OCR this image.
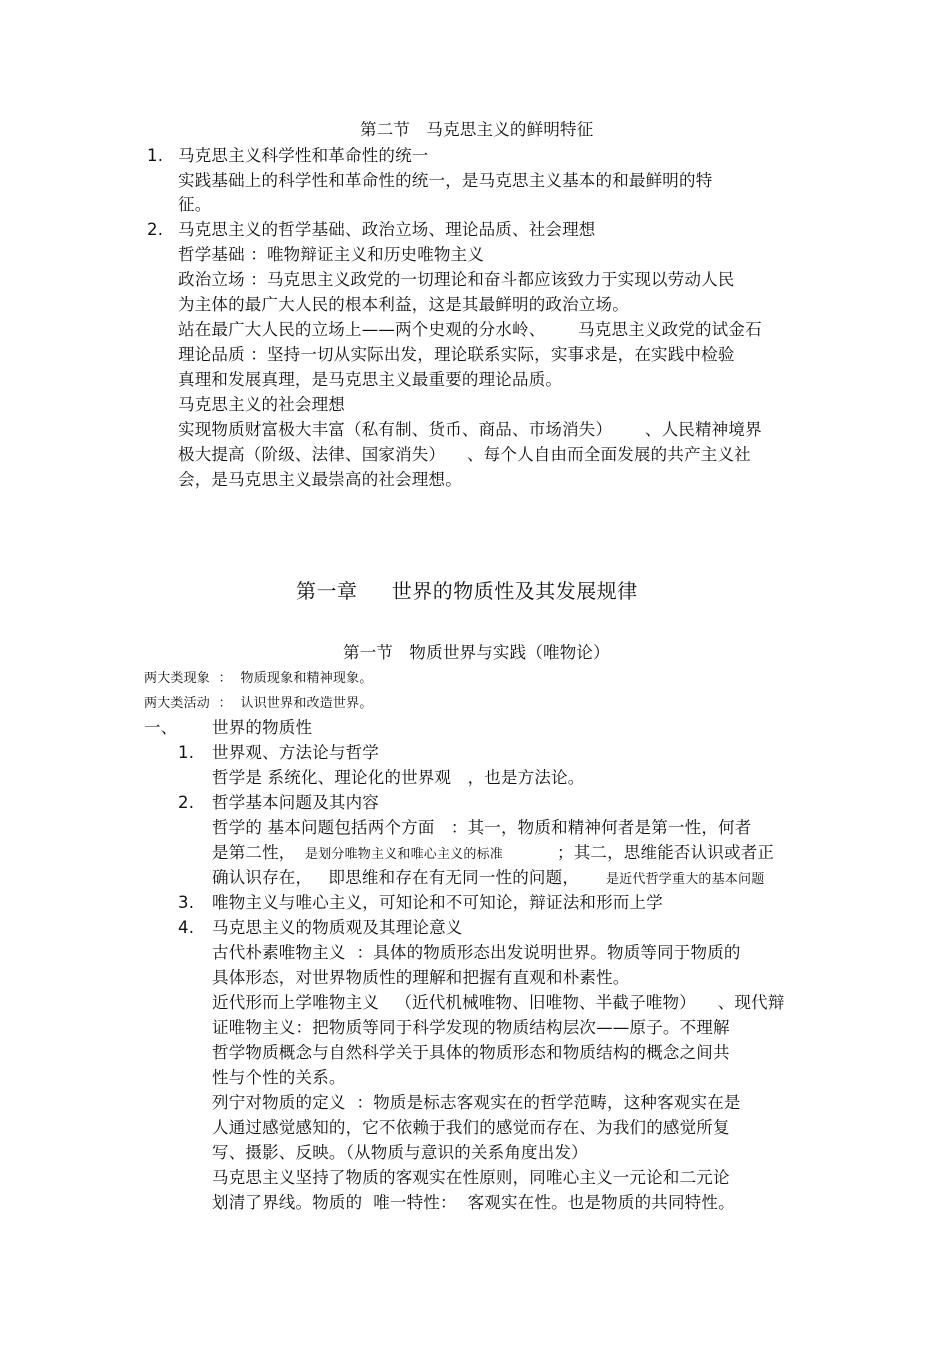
第二节   马克思主义的鲜明特征
1. 马克思主义科学性和革命性的统一
实践基础上的科学性和革命性的统一，是马克思主义基本的和最鲜明的特
征。
2. 马克思主义的哲学基础、政治立场、理论品质、社会理想
哲学基础 ：唯物辩证主义和历史唯物主义
政治立场 ：马克思主义政党的一切理论和奋斗都应该致力于实现以劳动人民
为主体的最广大人民的根本利益，这是其最鲜明的政治立场。
站在最广大人民的立场上——两个史观的分水岭、      马克思主义政党的试金石
理论品质 ：坚持一切从实际出发，理论联系实际，实事求是，在实践中检验
真理和发展真理，是马克思主义最重要的理论品质。
马克思主义的社会理想
实现物质财富极大丰富（私有制、货币、商品、市场消失）      、人民精神境界
极大提高（阶级、法律、国家消失）    、每个人自由而全面发展的共产主义社
会，是马克思主义最崇高的社会理想。
第一章     世界的物质性及其发展规律
第一节   物质世界与实践（唯物论）
两大类现象  ：  物质现象和精神现象。
两大类活动  ：  认识世界和改造世界。
一、 世界的物质性
1. 世界观、方法论与哲学
哲学是 系统化、理论化的世界观   ，也是方法论。
2. 哲学基本问题及其内容
哲学的 基本问题包括两个方面   ：其一，物质和精神何者是第一性，何者
是第二性， 是划分唯物主义和唯心主义的标准	；其二，思维能否认识或者正
确认识存在，   即思维和存在有无同一性的问题， 是近代哲学重大的基本问题
3. 唯物主义与唯心主义，可知论和不可知论，辩证法和形而上学
4. 马克思主义的物质观及其理论意义
古代朴素唯物主义  ：具体的物质形态出发说明世界。物质等同于物质的
具体形态，对世界物质性的理解和把握有直观和朴素性。
近代形而上学唯物主义   （近代机械唯物、旧唯物、半截子唯物）    、现代辩
证唯物主义：把物质等同于科学发现的物质结构层次——原子。不理解
哲学物质概念与自然科学关于具体的物质形态和物质结构的概念之间共
性与个性的关系。
列宁对物质的定义  ：物质是标志客观实在的哲学范畴，这种客观实在是
人通过感觉感知的，它不依赖于我们的感觉而存在、为我们的感觉所复
写、摄影、反映。（从物质与意识的关系角度出发）
马克思主义坚持了物质的客观实在性原则，同唯心主义一元论和二元论
划清了界线。物质的  唯一特性：  客观实在性。也是物质的共同特性。
